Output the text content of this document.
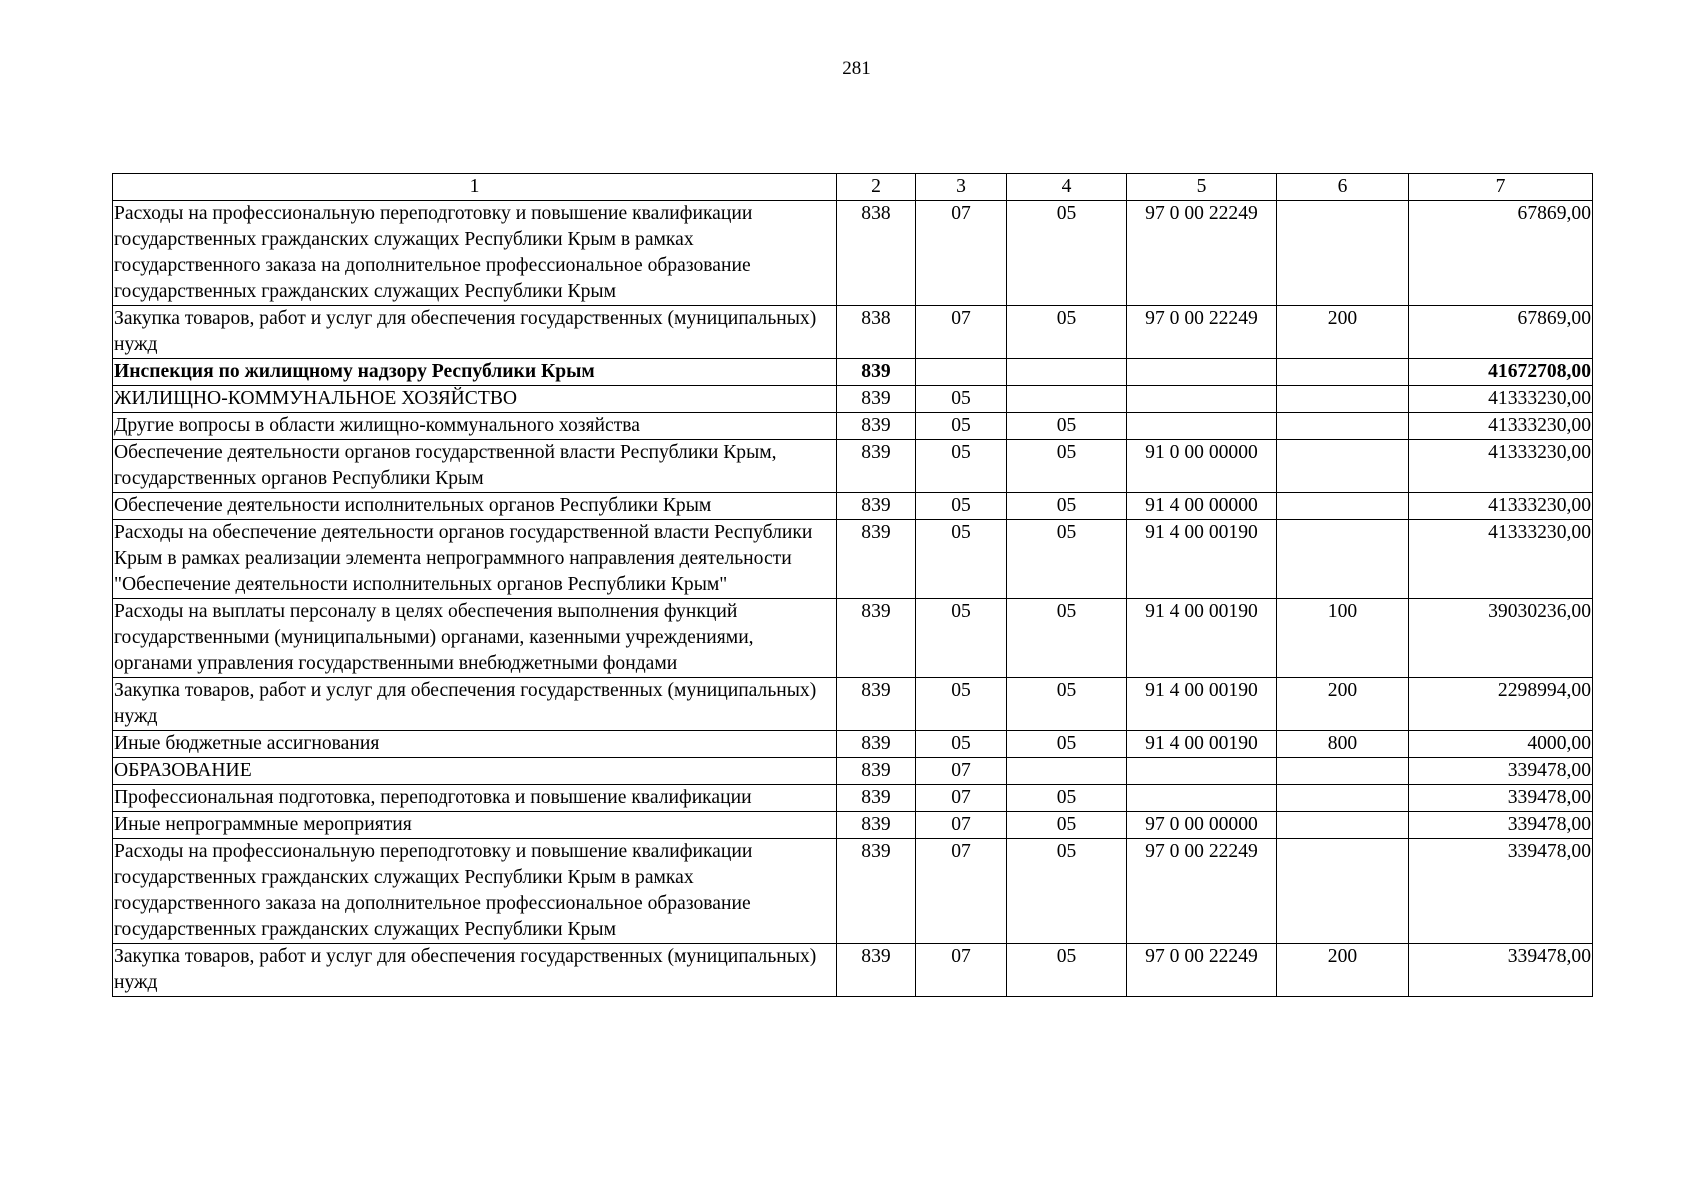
281
1	2	3	4	5	6	7
Расходы на профессиональную переподготовку и повышение квалификации государственных гражданских служащих Республики Крым в рамках государственного заказа на дополнительное профессиональное образование государственных гражданских служащих Республики Крым	838	07	05	97 0 00 22249		67869,00
Закупка товаров, работ и услуг для обеспечения государственных (муниципальных) нужд	838	07	05	97 0 00 22249	200	67869,00
Инспекция по жилищному надзору Республики Крым	839					41672708,00
ЖИЛИЩНО-КОММУНАЛЬНОЕ ХОЗЯЙСТВО	839	05				41333230,00
Другие вопросы в области жилищно-коммунального хозяйства	839	05	05			41333230,00
Обеспечение деятельности органов государственной власти Республики Крым, государственных органов Республики Крым	839	05	05	91 0 00 00000		41333230,00
Обеспечение деятельности исполнительных органов Республики Крым	839	05	05	91 4 00 00000		41333230,00
Расходы на обеспечение деятельности органов государственной власти Республики Крым в рамках реализации элемента непрограммного направления деятельности "Обеспечение деятельности исполнительных органов Республики Крым"	839	05	05	91 4 00 00190		41333230,00
Расходы на выплаты персоналу в целях обеспечения выполнения функций государственными (муниципальными) органами, казенными учреждениями, органами управления государственными внебюджетными фондами	839	05	05	91 4 00 00190	100	39030236,00
Закупка товаров, работ и услуг для обеспечения государственных (муниципальных) нужд	839	05	05	91 4 00 00190	200	2298994,00
Иные бюджетные ассигнования	839	05	05	91 4 00 00190	800	4000,00
ОБРАЗОВАНИЕ	839	07				339478,00
Профессиональная подготовка, переподготовка и повышение квалификации	839	07	05			339478,00
Иные непрограммные мероприятия	839	07	05	97 0 00 00000		339478,00
Расходы на профессиональную переподготовку и повышение квалификации государственных гражданских служащих Республики Крым в рамках государственного заказа на дополнительное профессиональное образование государственных гражданских служащих Республики Крым	839	07	05	97 0 00 22249		339478,00
Закупка товаров, работ и услуг для обеспечения государственных (муниципальных) нужд	839	07	05	97 0 00 22249	200	339478,00
